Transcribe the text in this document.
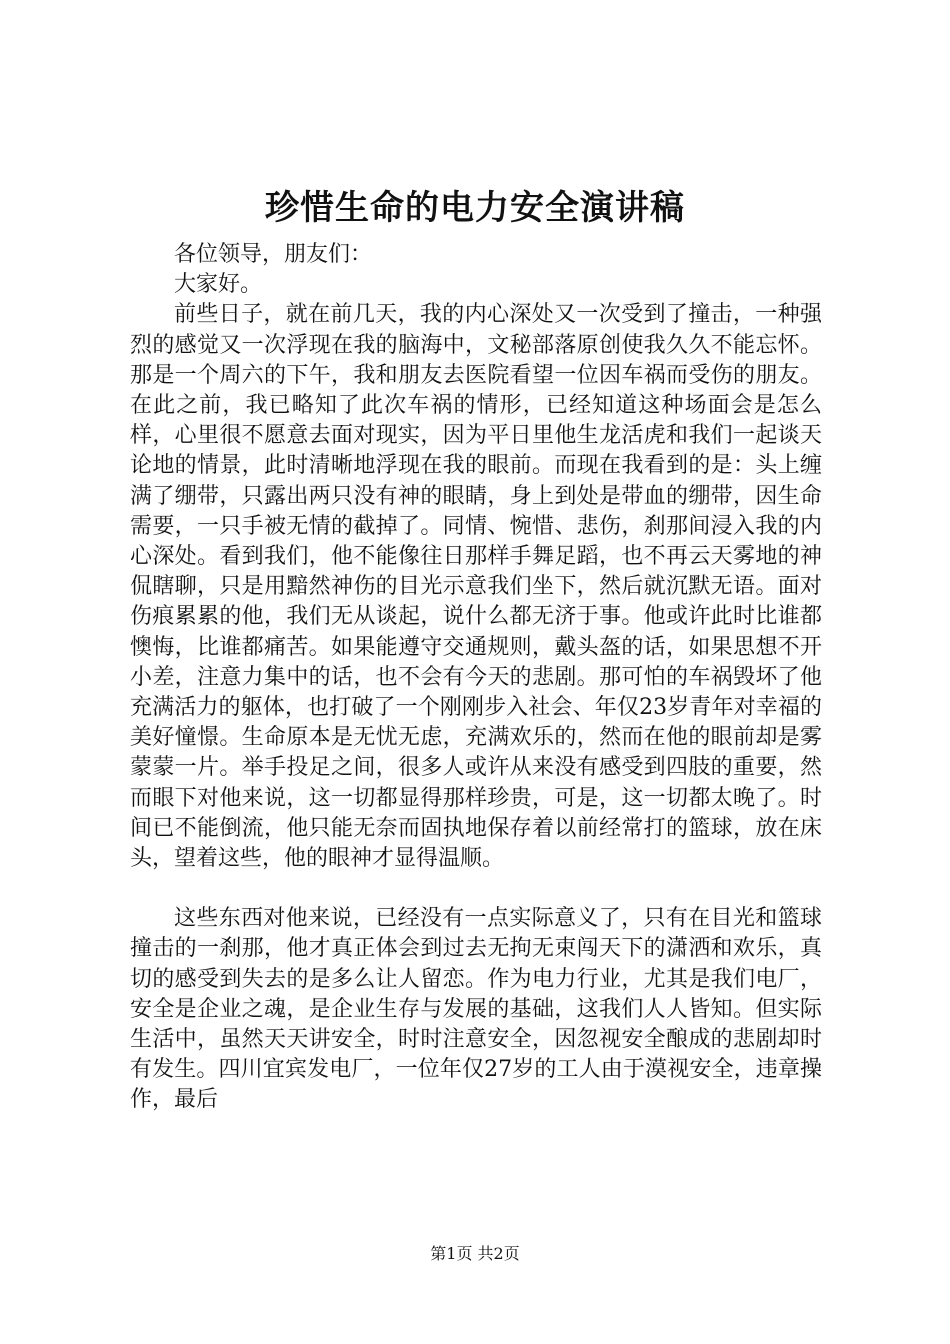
珍惜生命的电力安全演讲稿

各位领导，朋友们：

大家好。

前些日子，就在前几天，我的内心深处又一次受到了撞击，一种强烈的感觉又一次浮现在我的脑海中，文秘部落原创使我久久不能忘怀。那是一个周六的下午，我和朋友去医院看望一位因车祸而受伤的朋友。在此之前，我已略知了此次车祸的情形，已经知道这种场面会是怎么样，心里很不愿意去面对现实，因为平日里他生龙活虎和我们一起谈天论地的情景，此时清晰地浮现在我的眼前。而现在我看到的是：头上缠满了绷带，只露出两只没有神的眼睛，身上到处是带血的绷带，因生命需要，一只手被无情的截掉了。同情、惋惜、悲伤，刹那间浸入我的内心深处。看到我们，他不能像往日那样手舞足蹈，也不再云天雾地的神侃瞎聊，只是用黯然神伤的目光示意我们坐下，然后就沉默无语。面对伤痕累累的他，我们无从谈起，说什么都无济于事。他或许此时比谁都懊悔，比谁都痛苦。如果能遵守交通规则，戴头盔的话，如果思想不开小差，注意力集中的话，也不会有今天的悲剧。那可怕的车祸毁坏了他充满活力的躯体，也打破了一个刚刚步入社会、年仅23岁青年对幸福的美好憧憬。生命原本是无忧无虑，充满欢乐的，然而在他的眼前却是雾蒙蒙一片。举手投足之间，很多人或许从来没有感受到四肢的重要，然而眼下对他来说，这一切都显得那样珍贵，可是，这一切都太晚了。时间已不能倒流，他只能无奈而固执地保存着以前经常打的篮球，放在床头，望着这些，他的眼神才显得温顺。

这些东西对他来说，已经没有一点实际意义了，只有在目光和篮球撞击的一刹那，他才真正体会到过去无拘无束闯天下的潇洒和欢乐，真切的感受到失去的是多么让人留恋。作为电力行业，尤其是我们电厂，安全是企业之魂，是企业生存与发展的基础，这我们人人皆知。但实际生活中，虽然天天讲安全，时时注意安全，因忽视安全酿成的悲剧却时有发生。四川宜宾发电厂，一位年仅27岁的工人由于漠视安全，违章操作，最后

第1页 共2页
